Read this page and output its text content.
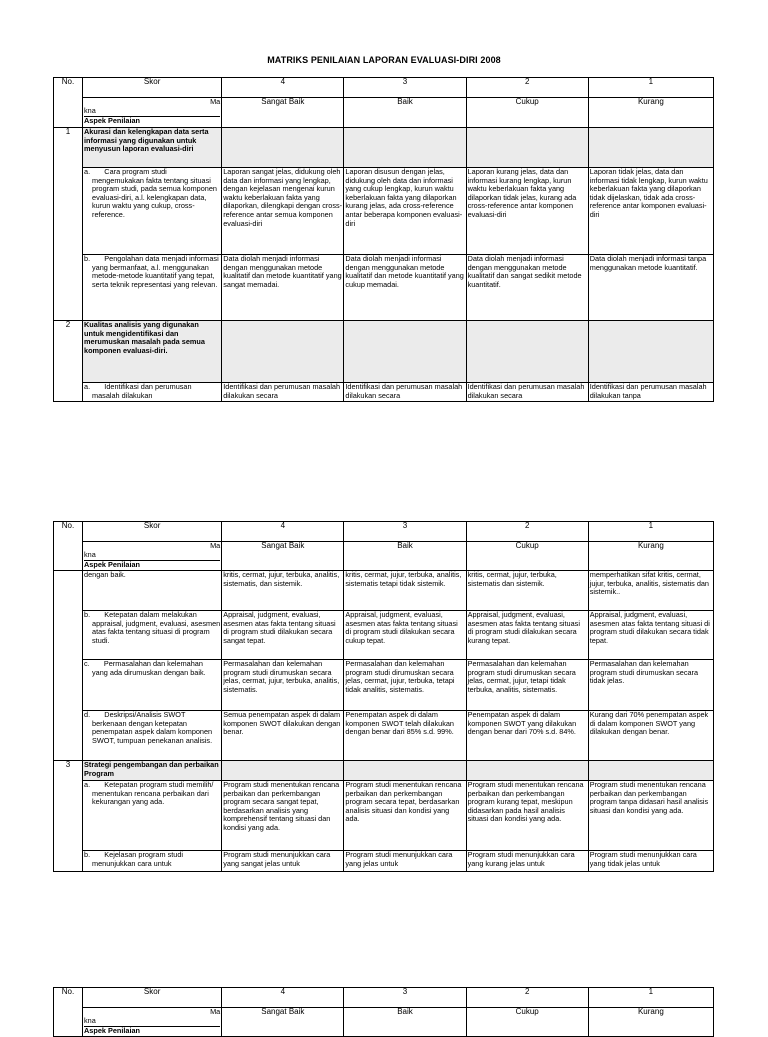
MATRIKS PENILAIAN LAPORAN EVALUASI-DIRI 2008
No.	Skor	4	3	2	1

	Ma
kna
Aspek Penilaian	Sangat Baik	Baik	Cukup	Kurang
1	Akurasi dan kelengkapan data serta informasi yang digunakan untuk menyusun laporan evaluasi-diri				
	a.       Cara program studi mengemukakan fakta tentang situasi program studi, pada semua komponen evaluasi-diri, a.l. kelengkapan data, kurun waktu yang cukup, cross-reference.	Laporan sangat jelas, didukung oleh data dan informasi yang lengkap, dengan kejelasan mengenai kurun waktu keberlakuan fakta yang dilaporkan, dilengkapi dengan cross-reference antar semua komponen evaluasi-diri	Laporan disusun dengan jelas, didukung oleh data dan informasi yang cukup lengkap, kurun waktu keberlakuan fakta yang dilaporkan kurang jelas, ada cross-reference antar beberapa komponen evaluasi-diri	Laporan kurang jelas, data dan informasi kurang lengkap, kurun waktu keberlakuan fakta yang dilaporkan tidak jelas, kurang ada cross-reference antar komponen evaluasi-diri	Laporan tidak jelas, data dan informasi tidak lengkap, kurun waktu keberlakuan fakta yang dilaporkan tidak dijelaskan, tidak ada cross-reference antar komponen evaluasi-diri
	b.       Pengolahan data menjadi informasi yang bermanfaat, a.l. menggunakan metode-metode kuantitatif yang tepat, serta teknik representasi yang relevan.	Data diolah menjadi informasi dengan menggunakan metode kualitatif dan metode kuantitatif yang sangat memadai.	Data diolah menjadi informasi dengan menggunakan metode kualitatif dan metode kuantitatif yang cukup memadai.	Data diolah menjadi informasi dengan menggunakan metode kualitatif dan sangat sedikit metode kuantitatif.	Data diolah menjadi informasi tanpa menggunakan metode kuantitatif.
2	Kualitas analisis yang digunakan untuk mengidentifikasi dan merumuskan masalah pada semua komponen evaluasi-diri.				
	a.       Identifikasi dan perumusan masalah dilakukan	Identifikasi dan perumusan masalah dilakukan secara	Identifikasi dan perumusan masalah dilakukan secara	Identifikasi dan perumusan masalah dilakukan secara	Identifikasi dan perumusan masalah dilakukan tanpa
No.	Skor	4	3	2	1

	Ma
kna
Aspek Penilaian	Sangat Baik	Baik	Cukup	Kurang
	dengan baik.	kritis, cermat, jujur, terbuka, analitis, sistematis, dan sistemik.	kritis, cermat, jujur, terbuka, analitis, sistematis tetapi tidak sistemik.	kritis, cermat, jujur, terbuka, sistematis dan sistemik.	memperhatikan sifat kritis, cermat, jujur, terbuka, analitis, sistematis dan sistemik..
	b.       Ketepatan dalam melakukan appraisal, judgment, evaluasi, asesmen atas fakta tentang situasi di program studi.	Appraisal, judgment, evaluasi, asesmen atas fakta tentang situasi di program studi dilakukan secara sangat tepat.	Appraisal, judgment, evaluasi, asesmen atas fakta tentang situasi di program studi dilakukan secara cukup tepat.	Appraisal, judgment, evaluasi, asesmen atas fakta tentang situasi di program studi dilakukan secara kurang tepat.	Appraisal, judgment, evaluasi, asesmen atas fakta tentang situasi di program studi dilakukan secara tidak tepat.
	c.       Permasalahan dan kelemahan yang ada dirumuskan dengan baik.	Permasalahan dan kelemahan program studi dirumuskan secara jelas, cermat, jujur, terbuka, analitis, sistematis.	Permasalahan dan kelemahan program studi dirumuskan secara jelas, cermat, jujur, terbuka, tetapi tidak analitis, sistematis.	Permasalahan dan kelemahan program studi dirumuskan secara jelas, cermat, jujur, tetapi tidak terbuka, analitis, sistematis.	Permasalahan dan kelemahan program studi dirumuskan secara tidak jelas.
	d.       Deskripsi/Analisis SWOT berkenaan dengan ketepatan penempatan aspek dalam komponen SWOT, tumpuan penekanan analisis.	Semua penempatan aspek di dalam komponen SWOT dilakukan dengan benar.	Penempatan aspek di dalam komponen SWOT telah dilakukan dengan benar dari 85% s.d. 99%.	Penempatan aspek di dalam komponen SWOT yang dilakukan dengan benar dari 70% s.d. 84%.	Kurang dari 70% penempatan aspek di dalam komponen SWOT yang dilakukan dengan benar.
3	Strategi pengembangan dan perbaikan Program				
	a.       Ketepatan program studi memilih/ menentukan rencana perbaikan dari kekurangan yang ada.	Program studi menentukan rencana perbaikan dan perkembangan program secara sangat tepat, berdasarkan analisis yang komprehensif tentang situasi dan kondisi yang ada.	Program studi menentukan rencana perbaikan dan perkembangan program secara tepat, berdasarkan analisis situasi dan kondisi yang ada.	Program studi menentukan rencana perbaikan dan perkembangan program kurang tepat, meskipun didasarkan pada hasil analisis situasi dan kondisi yang ada.	Program studi menentukan rencana perbaikan dan perkembangan program tanpa didasari hasil analisis situasi dan kondisi yang ada.
	b.       Kejelasan program studi menunjukkan cara untuk	Program studi menunjukkan cara yang sangat jelas untuk	Program studi menunjukkan cara yang jelas untuk	Program studi menunjukkan cara yang kurang jelas untuk	Program studi menunjukkan cara yang tidak jelas untuk
No.	Skor	4	3	2	1

	Ma
kna
Aspek Penilaian	Sangat Baik	Baik	Cukup	Kurang
